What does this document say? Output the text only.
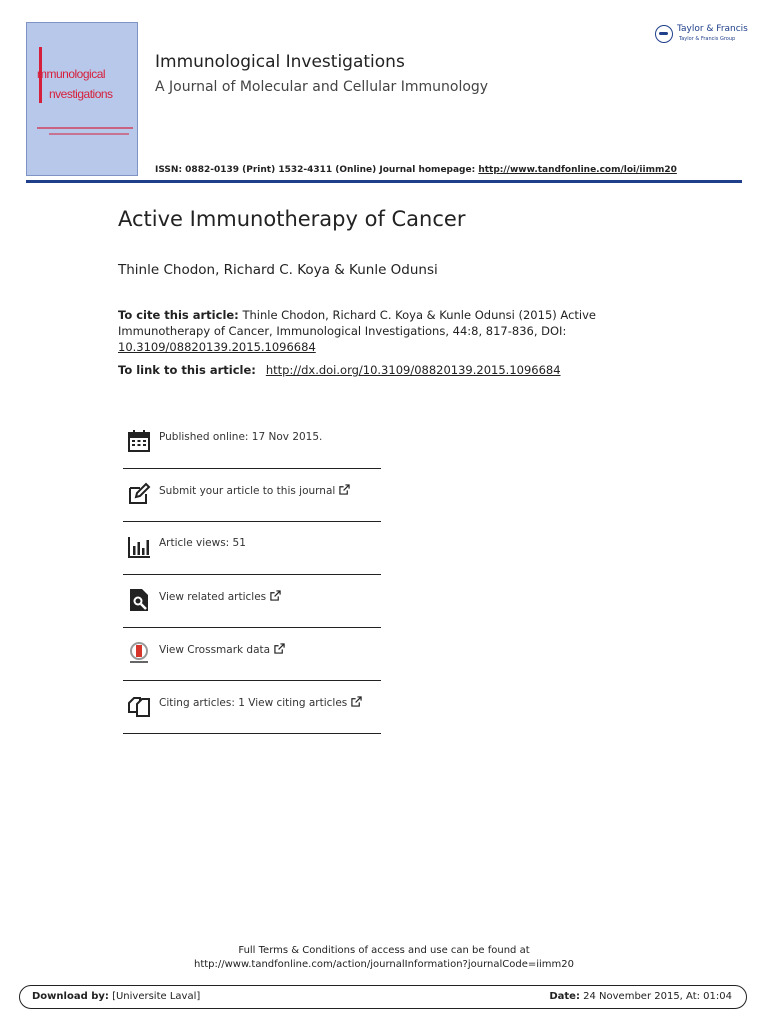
mmunological
nvestigations
Immunological Investigations
A Journal of Molecular and Cellular Immunology
ISSN: 0882-0139 (Print) 1532-4311 (Online) Journal homepage: http://www.tandfonline.com/loi/iimm20
Taylor & Francis
Taylor & Francis Group
Active Immunotherapy of Cancer
Thinle Chodon, Richard C. Koya & Kunle Odunsi
To cite this article: Thinle Chodon, Richard C. Koya & Kunle Odunsi (2015) Active Immunotherapy of Cancer, Immunological Investigations, 44:8, 817-836, DOI: 10.3109/08820139.2015.1096684
To link to this article: http://dx.doi.org/10.3109/08820139.2015.1096684
Published online: 17 Nov 2015.
Submit your article to this journal
Article views: 51
View related articles
View Crossmark data
Citing articles: 1 View citing articles
Full Terms & Conditions of access and use can be found at
http://www.tandfonline.com/action/journalInformation?journalCode=iimm20
Download by: [Universite Laval]	Date: 24 November 2015, At: 01:04
